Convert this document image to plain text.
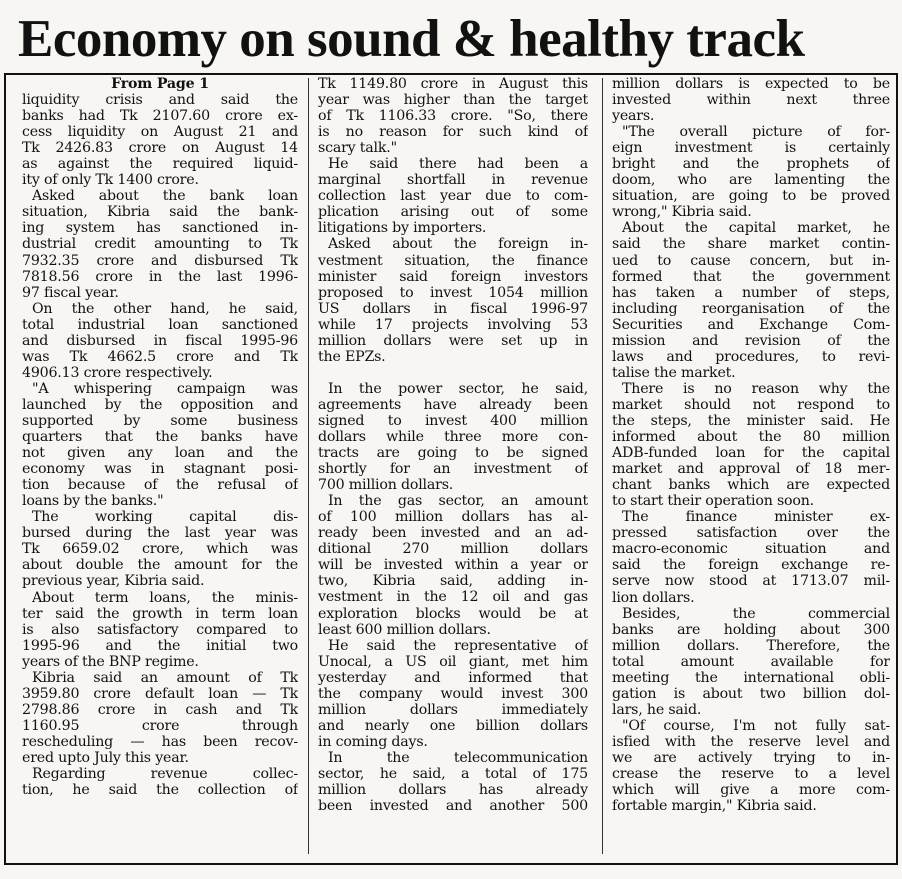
Economy on sound & healthy track
From Page 1
liquidity crisis and said the
banks had Tk 2107.60 crore ex-
cess liquidity on August 21 and
Tk 2426.83 crore on August 14
as against the required liquid-
ity of only Tk 1400 crore.
Asked about the bank loan
situation, Kibria said the bank-
ing system has sanctioned in-
dustrial credit amounting to Tk
7932.35 crore and disbursed Tk
7818.56 crore in the last 1996-
97 fiscal year.
On the other hand, he said,
total industrial loan sanctioned
and disbursed in fiscal 1995-96
was Tk 4662.5 crore and Tk
4906.13 crore respectively.
"A whispering campaign was
launched by the opposition and
supported by some business
quarters that the banks have
not given any loan and the
economy was in stagnant posi-
tion because of the refusal of
loans by the banks."
The working capital dis-
bursed during the last year was
Tk 6659.02 crore, which was
about double the amount for the
previous year, Kibria said.
About term loans, the minis-
ter said the growth in term loan
is also satisfactory compared to
1995-96 and the initial two
years of the BNP regime.
Kibria said an amount of Tk
3959.80 crore default loan — Tk
2798.86 crore in cash and Tk
1160.95 crore through
rescheduling — has been recov-
ered upto July this year.
Regarding revenue collec-
tion, he said the collection of
Tk 1149.80 crore in August this
year was higher than the target
of Tk 1106.33 crore. "So, there
is no reason for such kind of
scary talk."
He said there had been a
marginal shortfall in revenue
collection last year due to com-
plication arising out of some
litigations by importers.
Asked about the foreign in-
vestment situation, the finance
minister said foreign investors
proposed to invest 1054 million
US dollars in fiscal 1996-97
while 17 projects involving 53
million dollars were set up in
the EPZs.
In the power sector, he said,
agreements have already been
signed to invest 400 million
dollars while three more con-
tracts are going to be signed
shortly for an investment of
700 million dollars.
In the gas sector, an amount
of 100 million dollars has al-
ready been invested and an ad-
ditional 270 million dollars
will be invested within a year or
two, Kibria said, adding in-
vestment in the 12 oil and gas
exploration blocks would be at
least 600 million dollars.
He said the representative of
Unocal, a US oil giant, met him
yesterday and informed that
the company would invest 300
million dollars immediately
and nearly one billion dollars
in coming days.
In the telecommunication
sector, he said, a total of 175
million dollars has already
been invested and another 500
million dollars is expected to be
invested within next three
years.
"The overall picture of for-
eign investment is certainly
bright and the prophets of
doom, who are lamenting the
situation, are going to be proved
wrong," Kibria said.
About the capital market, he
said the share market contin-
ued to cause concern, but in-
formed that the government
has taken a number of steps,
including reorganisation of the
Securities and Exchange Com-
mission and revision of the
laws and procedures, to revi-
talise the market.
There is no reason why the
market should not respond to
the steps, the minister said. He
informed about the 80 million
ADB-funded loan for the capital
market and approval of 18 mer-
chant banks which are expected
to start their operation soon.
The finance minister ex-
pressed satisfaction over the
macro-economic situation and
said the foreign exchange re-
serve now stood at 1713.07 mil-
lion dollars.
Besides, the commercial
banks are holding about 300
million dollars. Therefore, the
total amount available for
meeting the international obli-
gation is about two billion dol-
lars, he said.
"Of course, I'm not fully sat-
isfied with the reserve level and
we are actively trying to in-
crease the reserve to a level
which will give a more com-
fortable margin," Kibria said.
